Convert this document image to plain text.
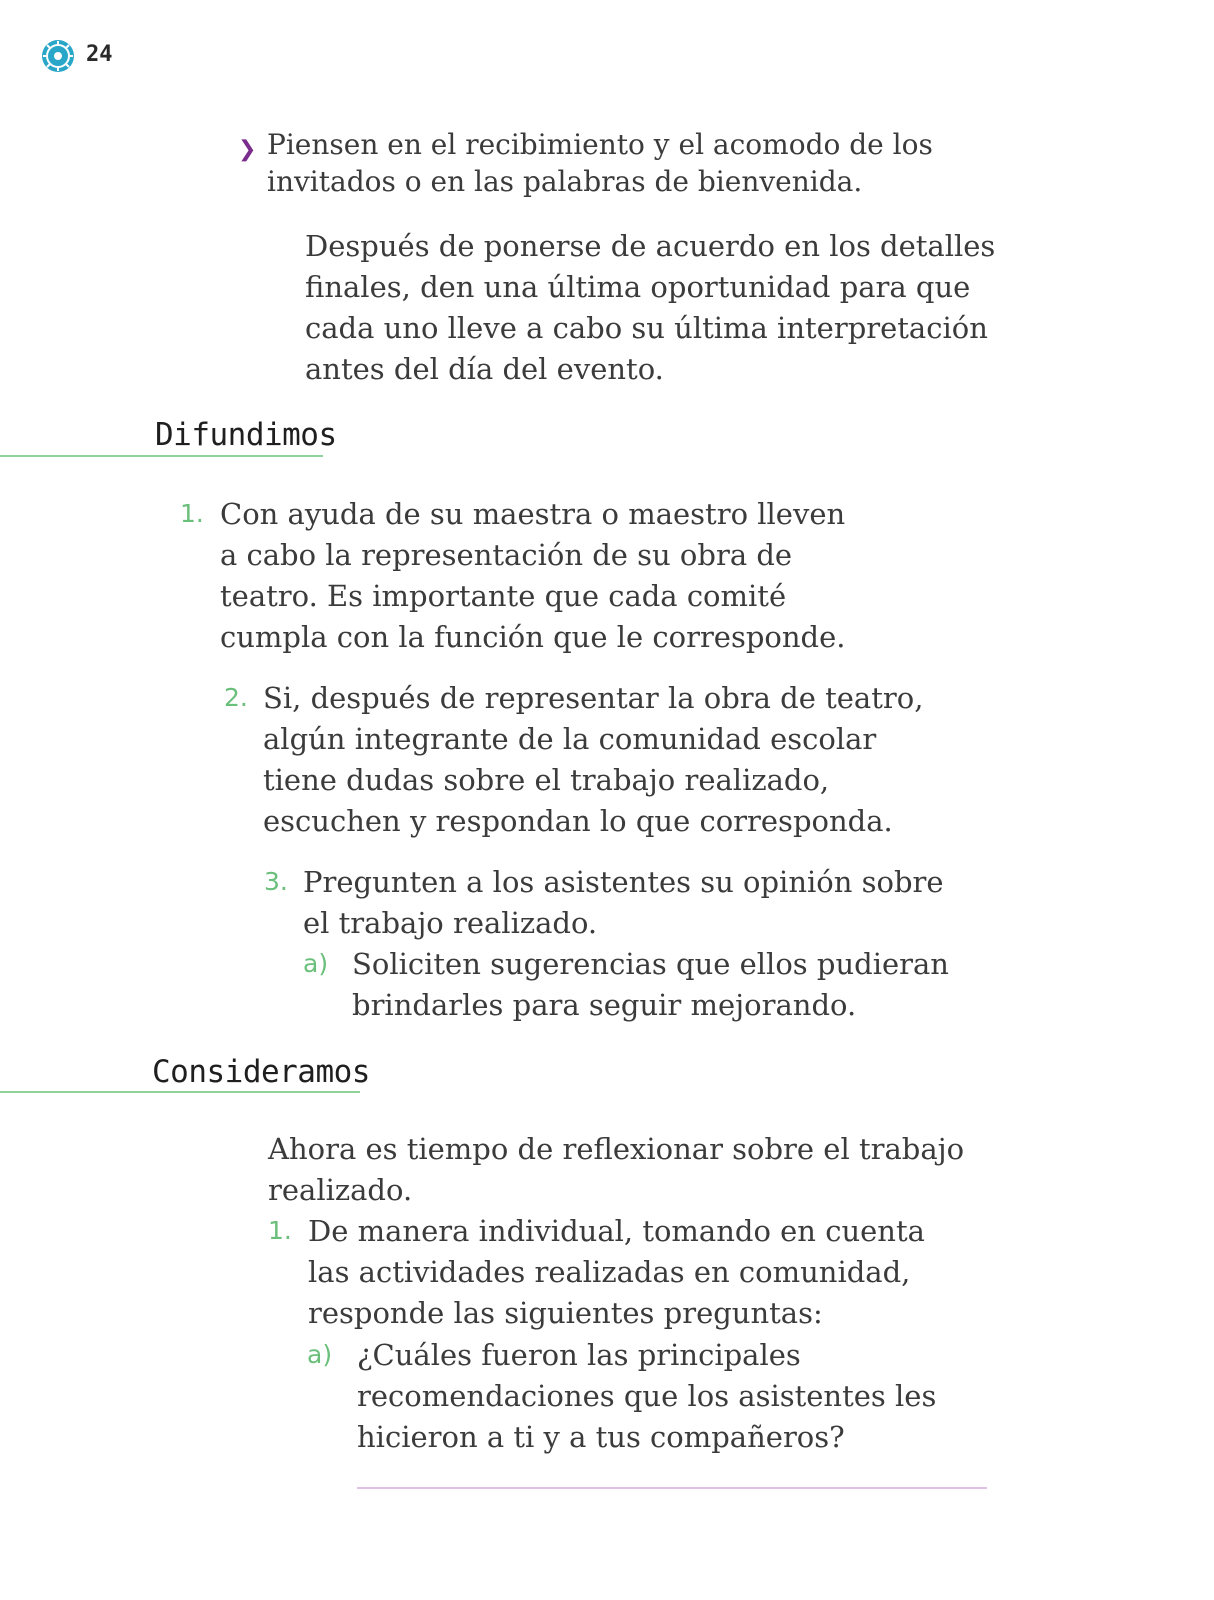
24
❯ Piensen en el recibimiento y el acomodo de los invitados o en las palabras de bienvenida.
Después de ponerse de acuerdo en los detalles finales, den una última oportunidad para que cada uno lleve a cabo su última interpretación antes del día del evento.
Difundimos
1. Con ayuda de su maestra o maestro lleven a cabo la representación de su obra de teatro. Es importante que cada comité cumpla con la función que le corresponde.
2. Si, después de representar la obra de teatro, algún integrante de la comunidad escolar tiene dudas sobre el trabajo realizado, escuchen y respondan lo que corresponda.
3. Pregunten a los asistentes su opinión sobre el trabajo realizado.
a) Soliciten sugerencias que ellos pudieran brindarles para seguir mejorando.
Consideramos
Ahora es tiempo de reflexionar sobre el trabajo realizado.
1. De manera individual, tomando en cuenta las actividades realizadas en comunidad, responde las siguientes preguntas:
a) ¿Cuáles fueron las principales recomendaciones que los asistentes les hicieron a ti y a tus compañeros?
